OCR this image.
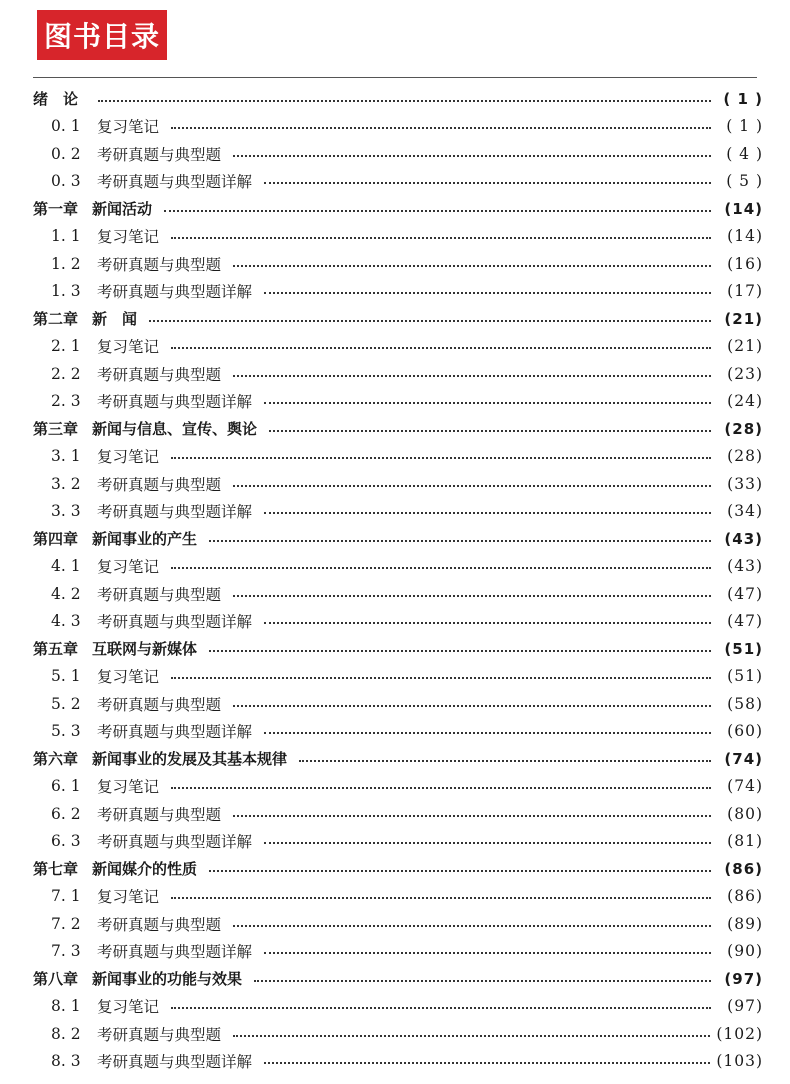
图书目录
绪　论	( 1 )
0. 1	复习笔记	( 1 )
0. 2	考研真题与典型题	( 4 )
0. 3	考研真题与典型题详解	( 5 )
第一章 新闻活动	(14)
1. 1	复习笔记	(14)
1. 2	考研真题与典型题	(16)
1. 3	考研真题与典型题详解	(17)
第二章 新　闻	(21)
2. 1	复习笔记	(21)
2. 2	考研真题与典型题	(23)
2. 3	考研真题与典型题详解	(24)
第三章 新闻与信息、宣传、舆论	(28)
3. 1	复习笔记	(28)
3. 2	考研真题与典型题	(33)
3. 3	考研真题与典型题详解	(34)
第四章 新闻事业的产生	(43)
4. 1	复习笔记	(43)
4. 2	考研真题与典型题	(47)
4. 3	考研真题与典型题详解	(47)
第五章 互联网与新媒体	(51)
5. 1	复习笔记	(51)
5. 2	考研真题与典型题	(58)
5. 3	考研真题与典型题详解	(60)
第六章 新闻事业的发展及其基本规律	(74)
6. 1	复习笔记	(74)
6. 2	考研真题与典型题	(80)
6. 3	考研真题与典型题详解	(81)
第七章 新闻媒介的性质	(86)
7. 1	复习笔记	(86)
7. 2	考研真题与典型题	(89)
7. 3	考研真题与典型题详解	(90)
第八章 新闻事业的功能与效果	(97)
8. 1	复习笔记	(97)
8. 2	考研真题与典型题	(102)
8. 3	考研真题与典型题详解	(103)
